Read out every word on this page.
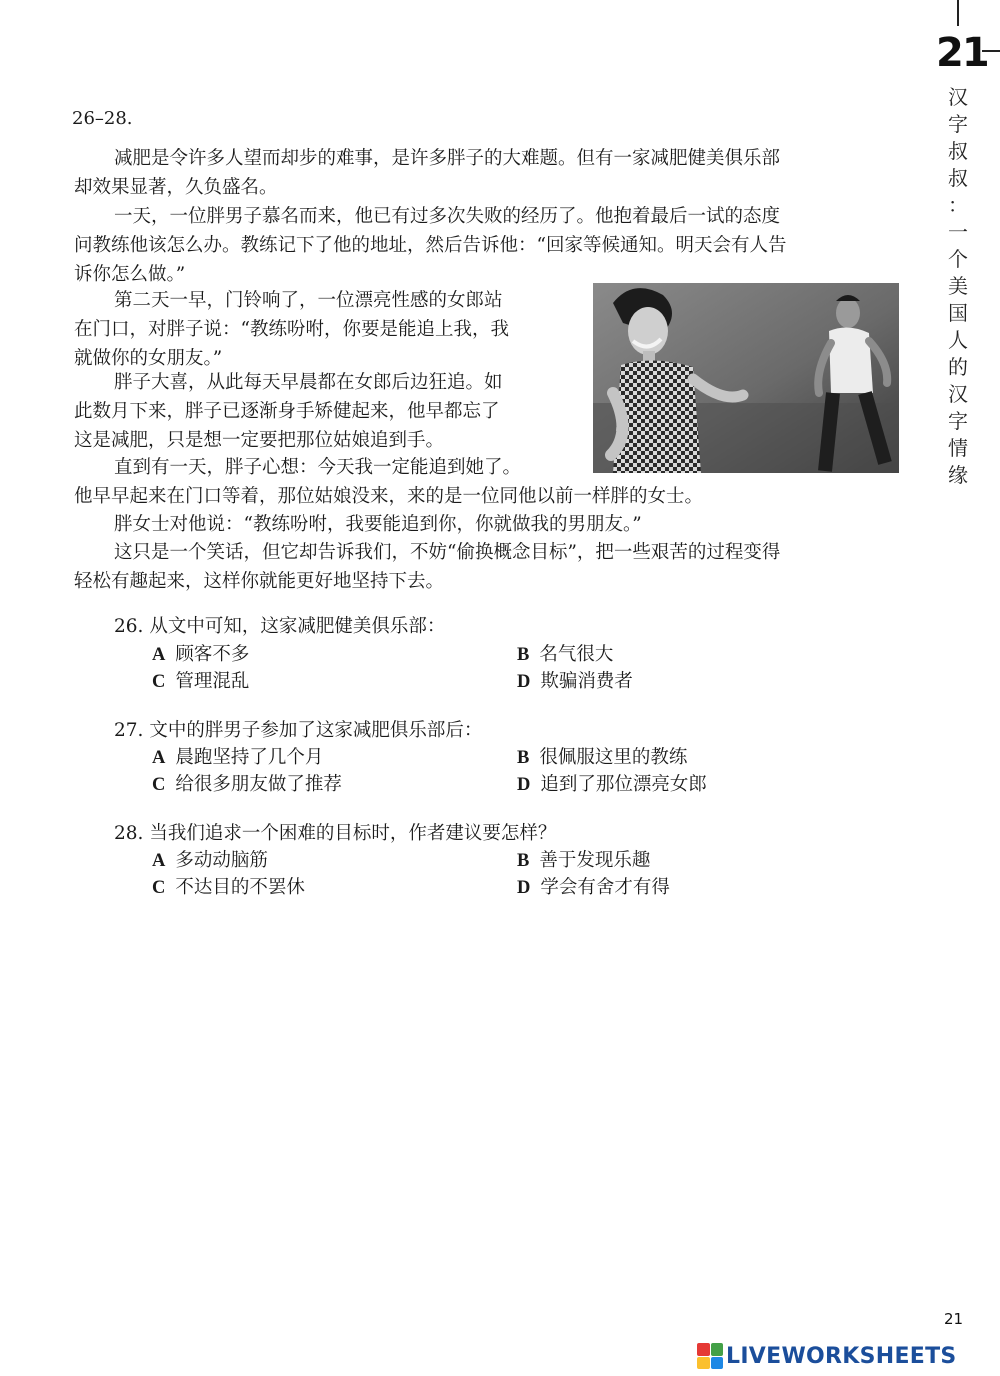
21
汉
字
叔
叔
：
一
个
美
国
人
的
汉
字
情
缘
26–28.
减肥是令许多人望而却步的难事，是许多胖子的大难题。但有一家减肥健美俱乐部
却效果显著，久负盛名。
一天，一位胖男子慕名而来，他已有过多次失败的经历了。他抱着最后一试的态度
问教练他该怎么办。教练记下了他的地址，然后告诉他：“回家等候通知。明天会有人告
诉你怎么做。”
第二天一早，门铃响了，一位漂亮性感的女郎站
在门口，对胖子说：“教练吩咐，你要是能追上我，我
就做你的女朋友。”
胖子大喜，从此每天早晨都在女郎后边狂追。如
此数月下来，胖子已逐渐身手矫健起来，他早都忘了
这是减肥，只是想一定要把那位姑娘追到手。
直到有一天，胖子心想：今天我一定能追到她了。
他早早起来在门口等着，那位姑娘没来，来的是一位同他以前一样胖的女士。
胖女士对他说：“教练吩咐，我要能追到你，你就做我的男朋友。”
这只是一个笑话，但它却告诉我们，不妨“偷换概念目标”，把一些艰苦的过程变得
轻松有趣起来，这样你就能更好地坚持下去。
26. 从文中可知，这家减肥健美俱乐部：
A 顾客不多	B 名气很大
C 管理混乱	D 欺骗消费者
27. 文中的胖男子参加了这家减肥俱乐部后：
A 晨跑坚持了几个月	B 很佩服这里的教练
C 给很多朋友做了推荐	D 追到了那位漂亮女郎
28. 当我们追求一个困难的目标时，作者建议要怎样？
A 多动动脑筋	B 善于发现乐趣
C 不达目的不罢休	D 学会有舍才有得
21
LIVEWORKSHEETS
